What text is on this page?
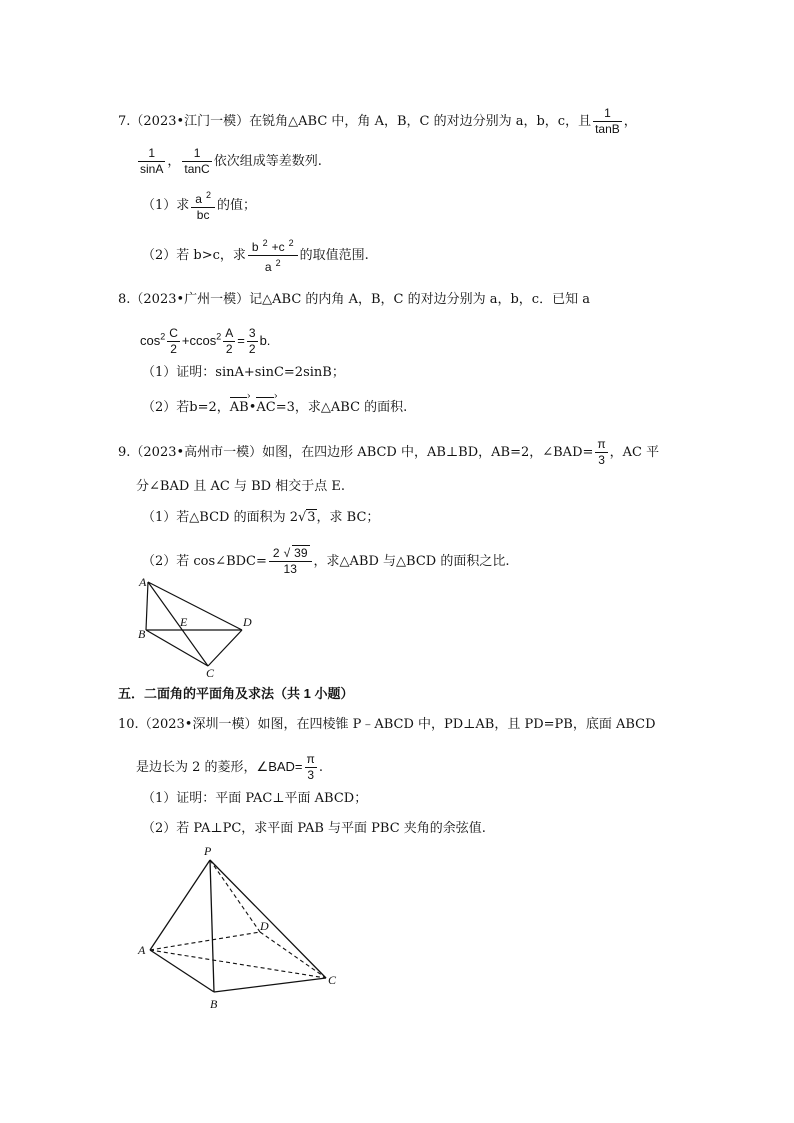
7.（2023•江门一模）在锐角△ABC 中，角 A，B，C 的对边分别为 a，b，c，且 $\frac{1}{\tan B}$ ，
$\frac{1}{\sin A}$ ， $\frac{1}{\tan C}$ 依次组成等差数列.
（1）求 $\frac{a ^2}{bc}$ 的值；
（2）若 b>c，求 $\frac{b ^2 +c ^2}{a ^2}$ 的取值范围.
8.（2023•广州一模）记△ABC 的内角 A，B，C 的对边分别为 a，b，c．已知 a
$\cos^2 \frac{C}{2} +ccos^2 \frac{A}{2} = \frac{3}{2} b$.
（1）证明：sinA+sinC=2sinB；
（2）若b=2，AB ›•AC ›=3，求△ABC 的面积.
9.（2023•高州市一模）如图，在四边形 ABCD 中，AB⊥BD，AB=2，∠BAD= $\frac{\pi}{3}$ ，AC 平
分∠BAD 且 AC 与 BD 相交于点 E.
（1）若△BCD 的面积为 2√3，求 BC；
（2）若 cos∠BDC= $\frac{2 √ 39}{13}$ ，求△ABD 与△BCD 的面积之比.
A
B
C
D
E
五．二面角的平面角及求法（共 1 小题）
10.（2023•深圳一模）如图，在四棱锥 P﹣ABCD 中，PD⊥AB，且 PD=PB，底面 ABCD
是边长为 2 的菱形，∠BAD= $\frac{\pi}{3}$ .
（1）证明：平面 PAC⊥平面 ABCD；
（2）若 PA⊥PC，求平面 PAB 与平面 PBC 夹角的余弦值.
P
A
B
C
D
